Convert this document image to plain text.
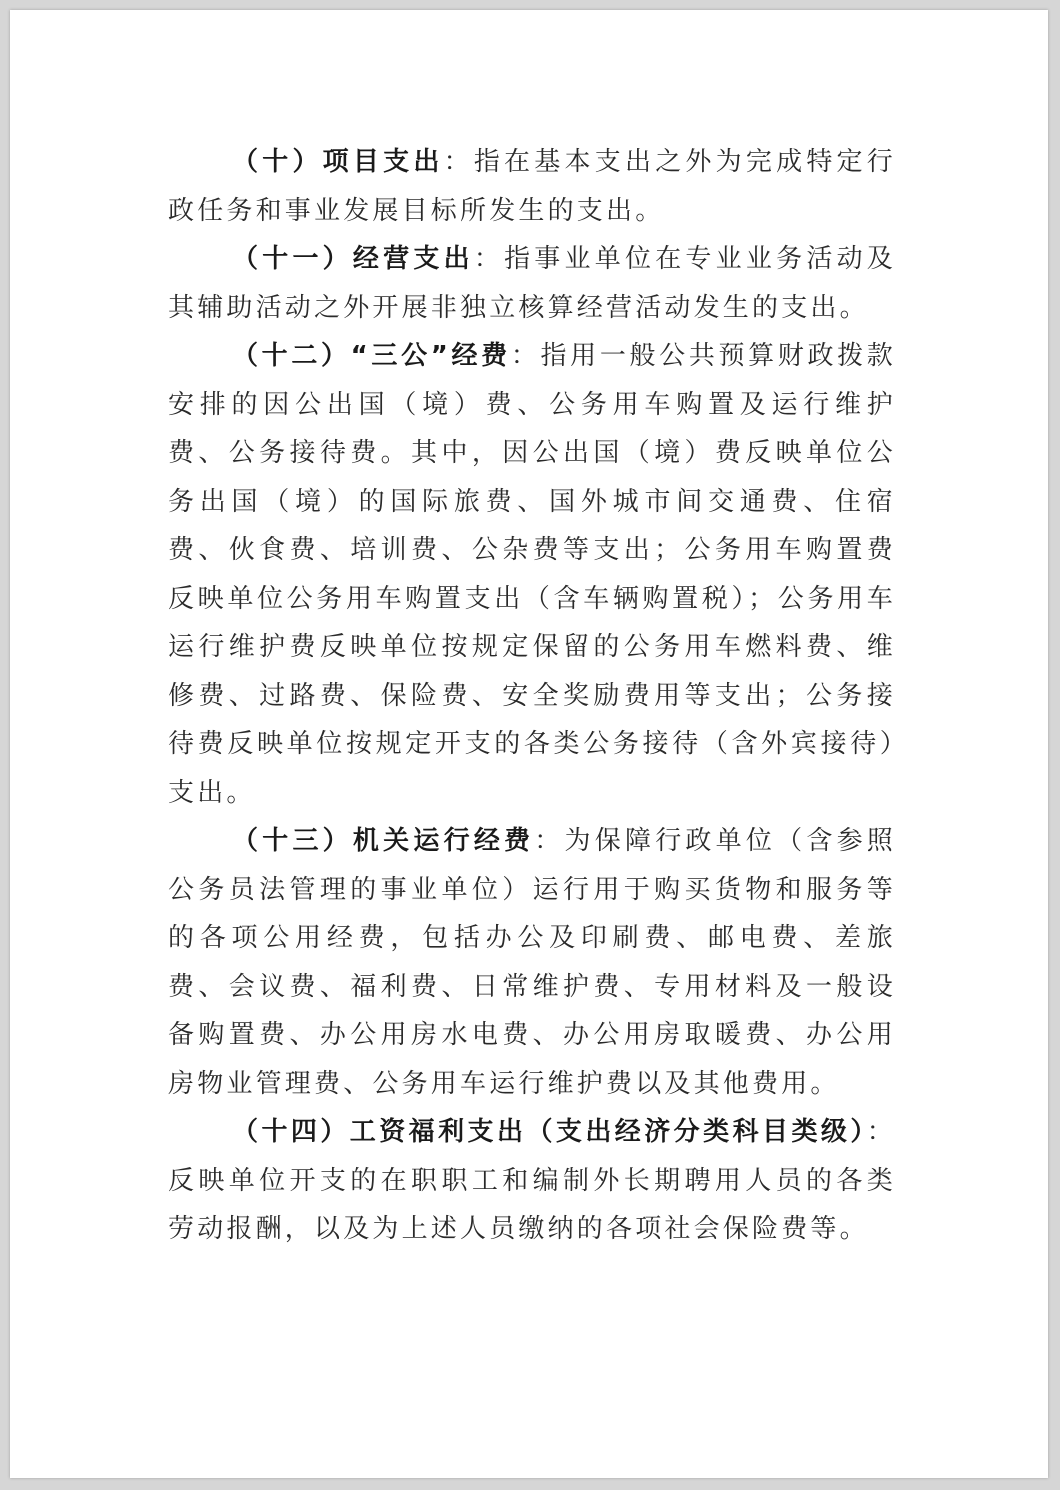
（十）项目支出：指在基本支出之外为完成特定行政任务和事业发展目标所发生的支出。

（十一）经营支出：指事业单位在专业业务活动及其辅助活动之外开展非独立核算经营活动发生的支出。

（十二）“三公”经费：指用一般公共预算财政拨款安排的因公出国（境）费、公务用车购置及运行维护费、公务接待费。其中，因公出国（境）费反映单位公务出国（境）的国际旅费、国外城市间交通费、住宿费、伙食费、培训费、公杂费等支出；公务用车购置费反映单位公务用车购置支出（含车辆购置税）；公务用车运行维护费反映单位按规定保留的公务用车燃料费、维修费、过路费、保险费、安全奖励费用等支出；公务接待费反映单位按规定开支的各类公务接待（含外宾接待）支出。

（十三）机关运行经费：为保障行政单位（含参照公务员法管理的事业单位）运行用于购买货物和服务等的各项公用经费，包括办公及印刷费、邮电费、差旅费、会议费、福利费、日常维护费、专用材料及一般设备购置费、办公用房水电费、办公用房取暖费、办公用房物业管理费、公务用车运行维护费以及其他费用。

（十四）工资福利支出（支出经济分类科目类级）：反映单位开支的在职职工和编制外长期聘用人员的各类劳动报酬，以及为上述人员缴纳的各项社会保险费等。
